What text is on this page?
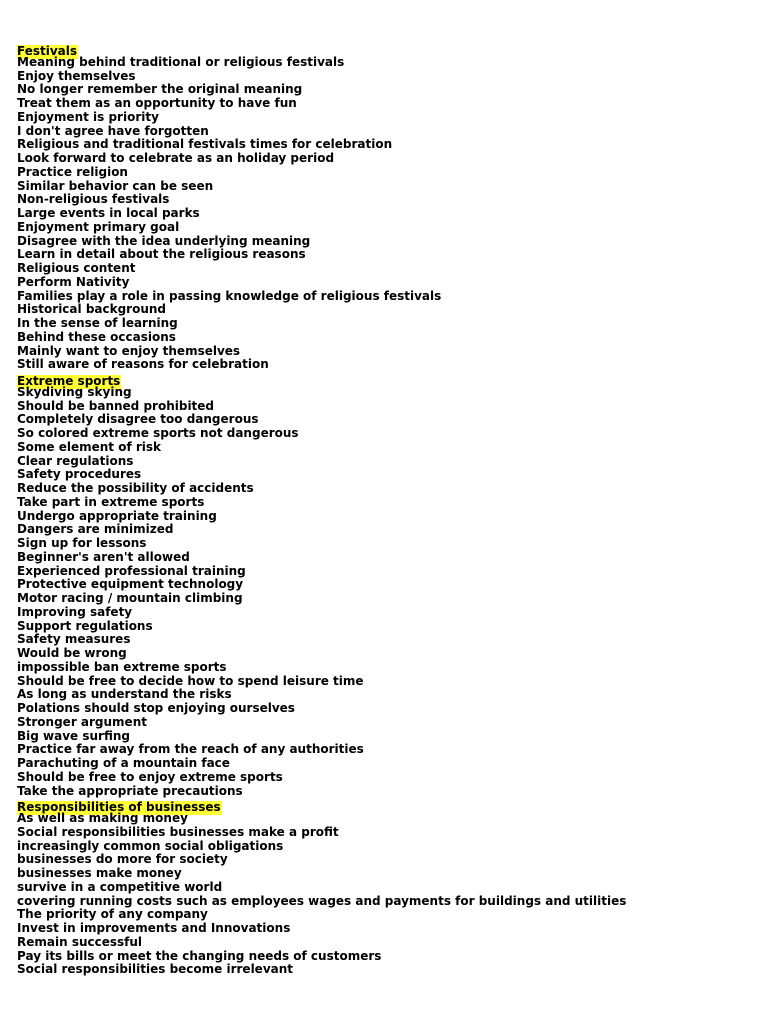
Festivals
Meaning behind traditional or religious festivals
Enjoy themselves
No longer remember the original meaning
Treat them as an opportunity to have fun
Enjoyment is priority
I don't agree have forgotten
Religious and traditional festivals times for celebration
Look forward to celebrate as an holiday period
Practice religion
Similar behavior can be seen
Non-religious festivals
Large events in local parks
Enjoyment primary goal
Disagree with the idea underlying meaning
Learn in detail about the religious reasons
Religious content
Perform Nativity
Families play a role in passing knowledge of religious festivals
Historical background
In the sense of learning
Behind these occasions
Mainly want to enjoy themselves
Still aware of reasons for celebration
Extreme sports
Skydiving skying
Should be banned prohibited
Completely disagree too dangerous
So colored extreme sports not dangerous
Some element of risk
Clear regulations
Safety procedures
Reduce the possibility of accidents
Take part in extreme sports
Undergo appropriate training
Dangers are minimized
Sign up for lessons
Beginner's aren't allowed
Experienced professional training
Protective equipment technology
Motor racing / mountain climbing
Improving safety
Support regulations
Safety measures
Would be wrong
impossible ban extreme sports
Should be free to decide how to spend leisure time
As long as understand the risks
Polations should stop enjoying ourselves
Stronger argument
Big wave surfing
Practice far away from the reach of any authorities
Parachuting of a mountain face
Should be free to enjoy extreme sports
Take the appropriate precautions
Responsibilities of businesses
As well as making money
Social responsibilities businesses make a profit
increasingly common social obligations
businesses do more for society
businesses make money
survive in a competitive world
covering running costs such as employees wages and payments for buildings and utilities
The priority of any company
Invest in improvements and Innovations
Remain successful
Pay its bills or meet the changing needs of customers
Social responsibilities become irrelevant
